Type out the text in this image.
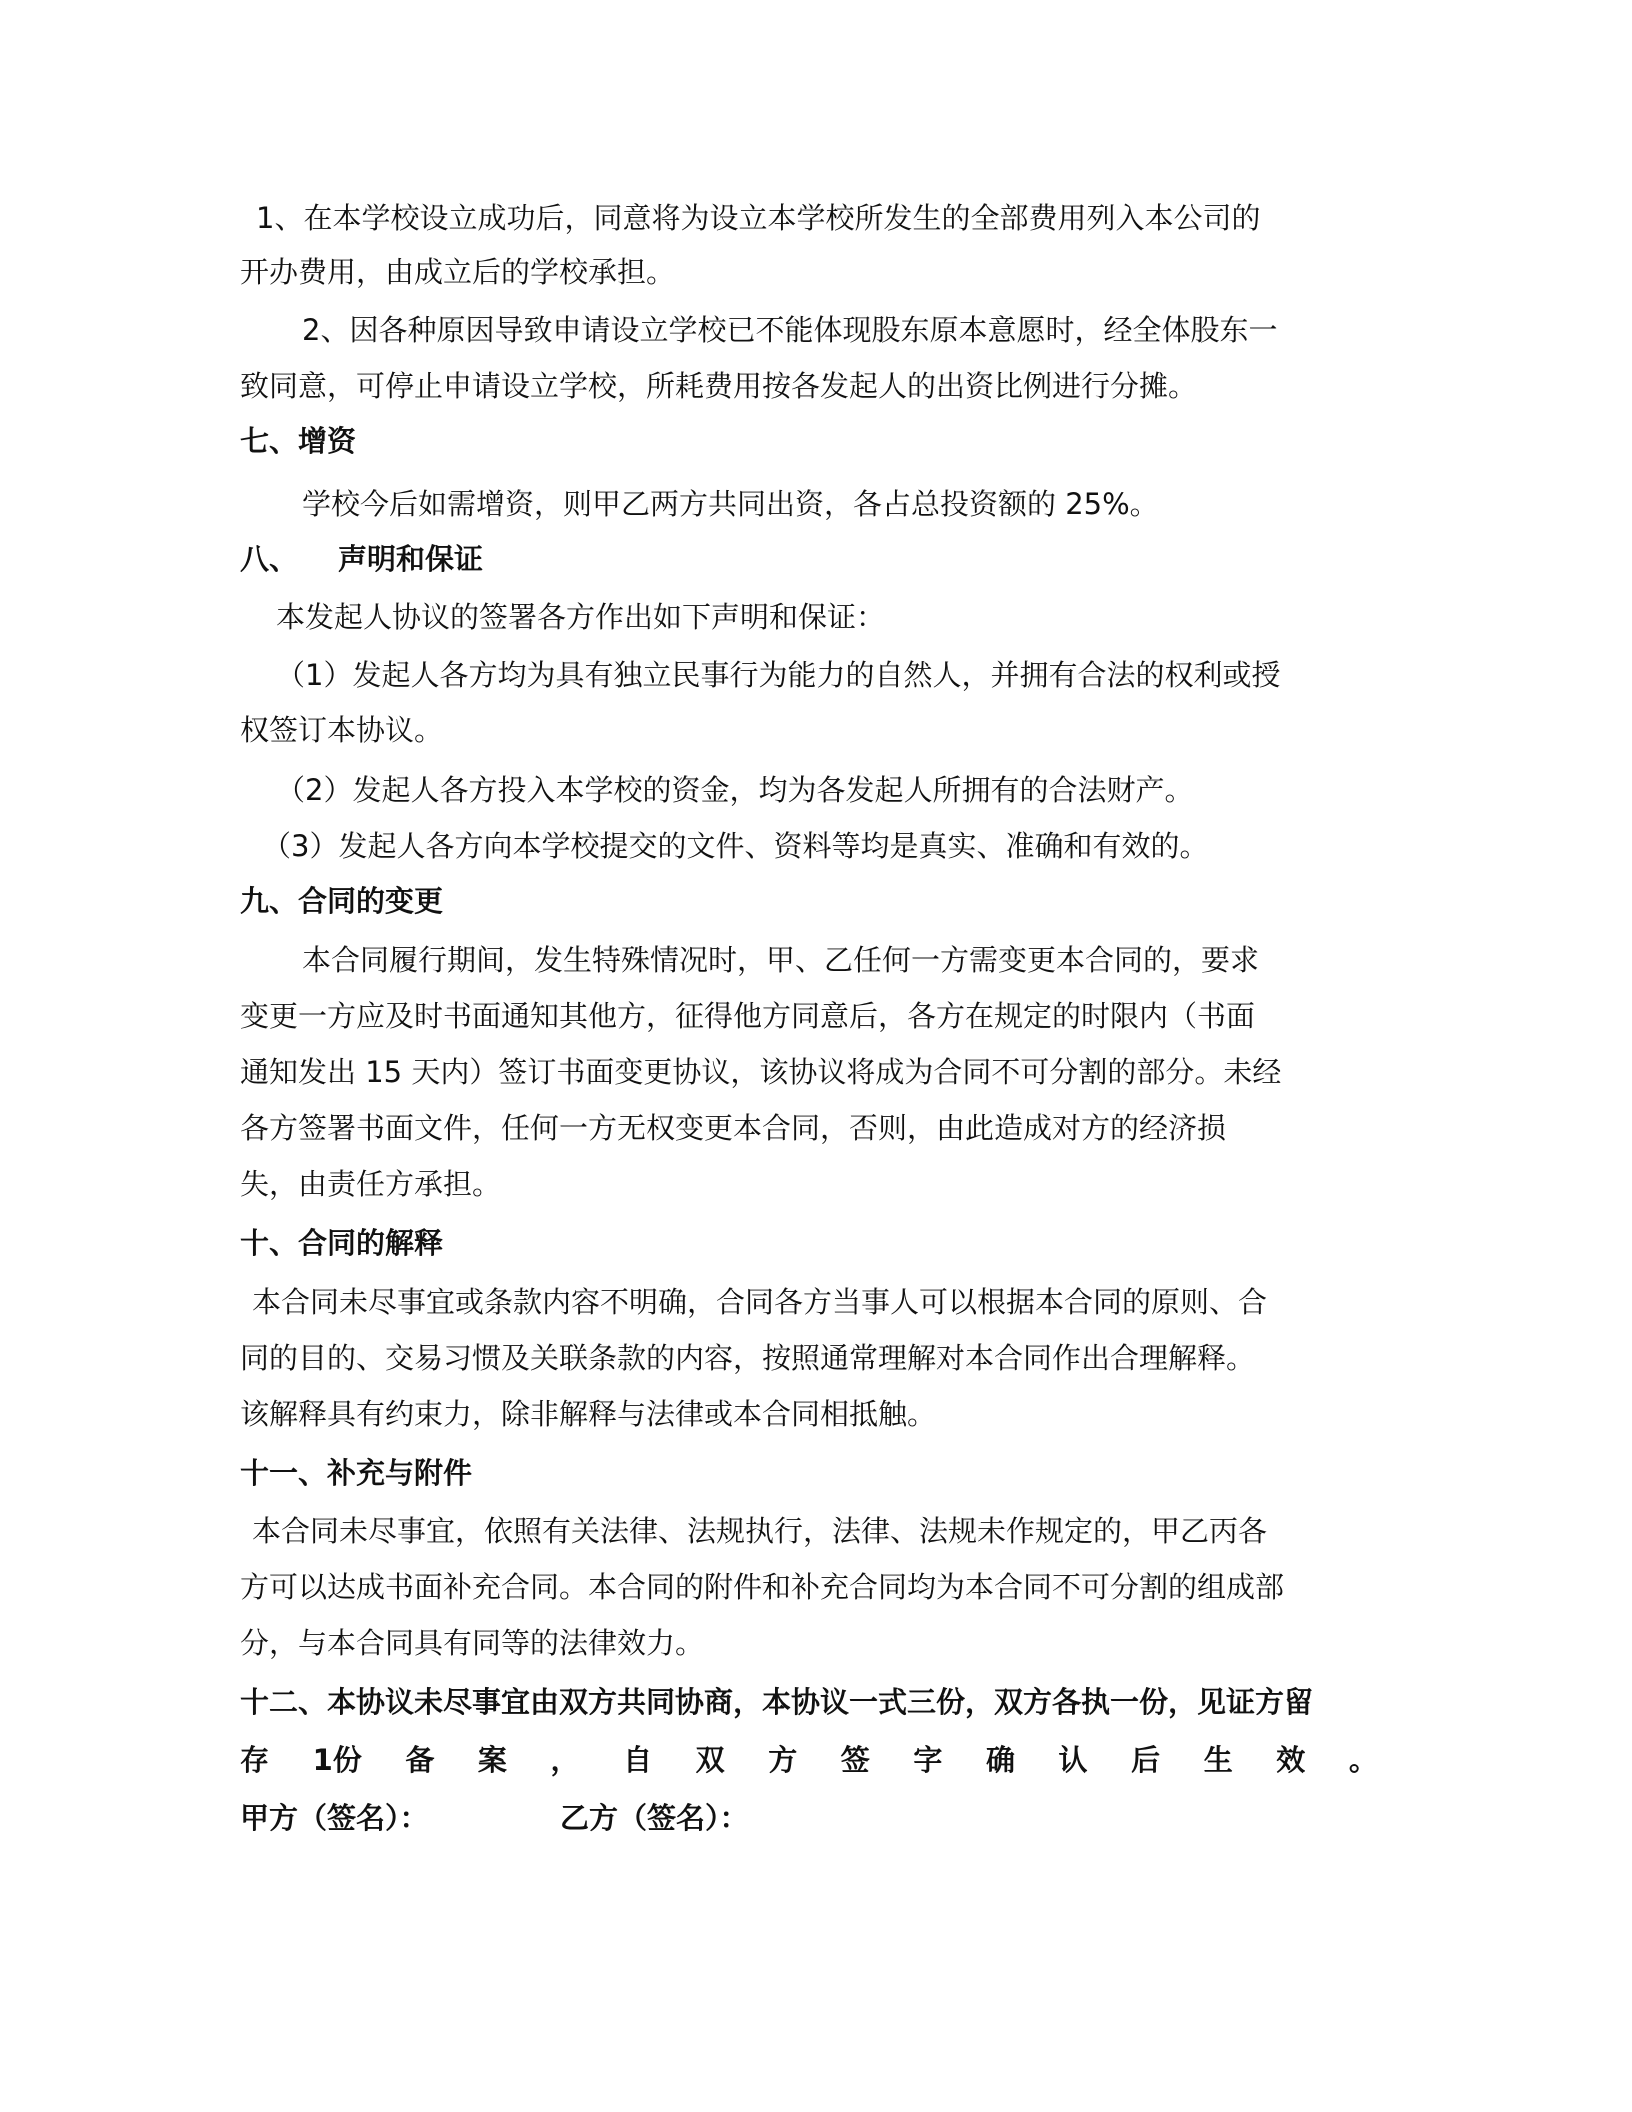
1、在本学校设立成功后，同意将为设立本学校所发生的全部费用列入本公司的
开办费用，由成立后的学校承担。
2、因各种原因导致申请设立学校已不能体现股东原本意愿时，经全体股东一
致同意，可停止申请设立学校，所耗费用按各发起人的出资比例进行分摊。
七、增资
学校今后如需增资，则甲乙两方共同出资，各占总投资额的 25%。
八、 声明和保证
本发起人协议的签署各方作出如下声明和保证：
（1）发起人各方均为具有独立民事行为能力的自然人，并拥有合法的权利或授
权签订本协议。
（2）发起人各方投入本学校的资金，均为各发起人所拥有的合法财产。
（3）发起人各方向本学校提交的文件、资料等均是真实、准确和有效的。
九、合同的变更
本合同履行期间，发生特殊情况时，甲、乙任何一方需变更本合同的，要求
变更一方应及时书面通知其他方，征得他方同意后，各方在规定的时限内（书面
通知发出 15 天内）签订书面变更协议，该协议将成为合同不可分割的部分。未经
各方签署书面文件，任何一方无权变更本合同，否则，由此造成对方的经济损
失，由责任方承担。
十、合同的解释
本合同未尽事宜或条款内容不明确，合同各方当事人可以根据本合同的原则、合
同的目的、交易习惯及关联条款的内容，按照通常理解对本合同作出合理解释。
该解释具有约束力，除非解释与法律或本合同相抵触。
十一、补充与附件
本合同未尽事宜，依照有关法律、法规执行，法律、法规未作规定的，甲乙丙各
方可以达成书面补充合同。本合同的附件和补充合同均为本合同不可分割的组成部
分，与本合同具有同等的法律效力。
十二、本协议未尽事宜由双方共同协商，本协议一式三份，双方各执一份，见证方留
存 1份 备 案 ， 自 双 方 签 字 确 认 后 生 效 。
甲方（签名）：	乙方（签名）：
